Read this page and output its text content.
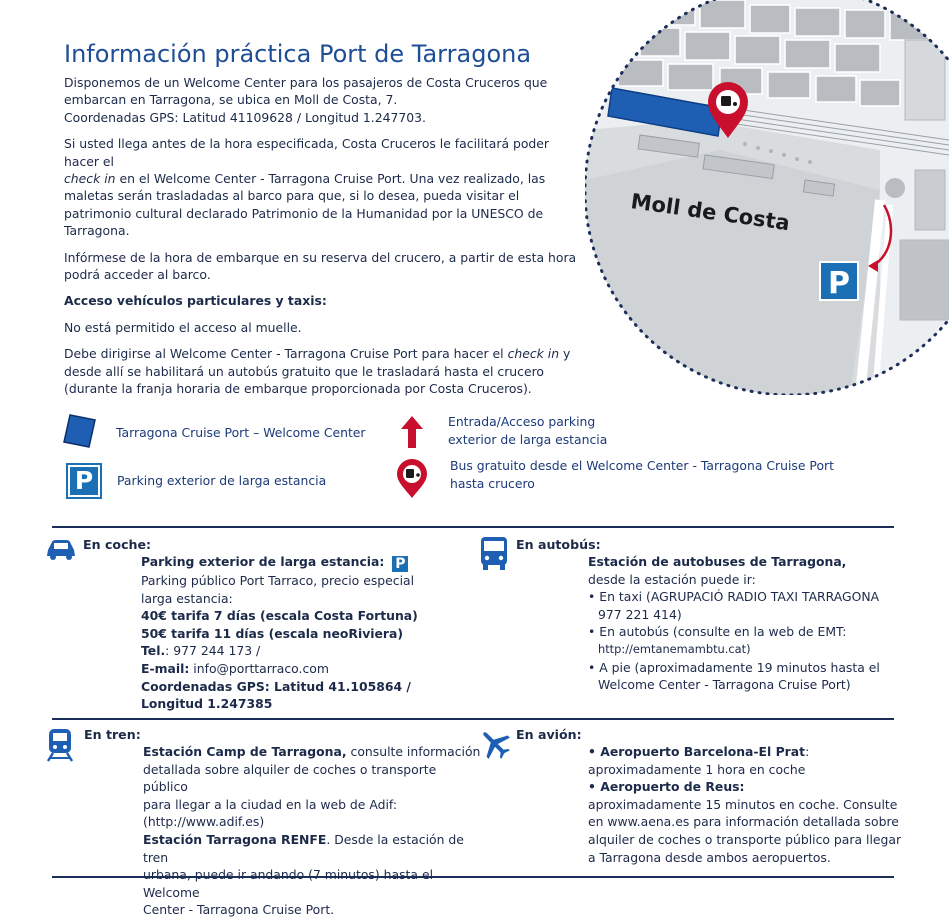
Información práctica Port de Tarragona

Disponemos de un Welcome Center para los pasajeros de Costa Cruceros que
embarcan en Tarragona, se ubica en Moll de Costa, 7.
Coordenadas GPS: Latitud 41109628 / Longitud 1.247703.

Si usted llega antes de la hora especificada, Costa Cruceros le facilitará poder hacer el
check in en el Welcome Center - Tarragona Cruise Port. Una vez realizado, las maletas serán trasladadas al barco para que, si lo desea, pueda visitar el patrimonio cultural declarado Patrimonio de la Humanidad por la UNESCO de Tarragona.

Infórmese de la hora de embarque en su reserva del crucero, a partir de esta hora podrá acceder al barco.

Acceso vehículos particulares y taxis:

No está permitido el acceso al muelle.

Debe dirigirse al Welcome Center - Tarragona Cruise Port para hacer el check in y desde allí se habilitará un autobús gratuito que le trasladará hasta el crucero (durante la franja horaria de embarque proporcionada por Costa Cruceros).

P
Moll de Costa
Tarragona Cruise Port – Welcome Center
Entrada/Acceso parking
exterior de larga estancia
P	Parking exterior de larga estancia
Bus gratuito desde el Welcome Center - Tarragona Cruise Port
hasta crucero
En coche:
Parking exterior de larga estancia: P
Parking público Port Tarraco, precio especial
larga estancia:
40€ tarifa 7 días (escala Costa Fortuna)
50€ tarifa 11 días (escala neoRiviera)
Tel.: 977 244 173 /
E-mail: info@porttarraco.com
Coordenadas GPS: Latitud 41.105864 /
Longitud 1.247385
En autobús:
Estación de autobuses de Tarragona,
desde la estación puede ir:
• En taxi (AGRUPACIÓ RADIO TAXI TARRAGONA

977 221 414)
• En autobús (consulte en la web de EMT:

http://emtanemambtu.cat)
• A pie (aproximadamente 19 minutos hasta el

Welcome Center - Tarragona Cruise Port)
En tren:
Estación Camp de Tarragona, consulte información
detallada sobre alquiler de coches o transporte público
para llegar a la ciudad en la web de Adif:
(http://www.adif.es)
Estación Tarragona RENFE. Desde la estación de tren
urbana, puede ir andando (7 minutos) hasta el Welcome
Center - Tarragona Cruise Port.
En avión:
• Aeropuerto Barcelona-El Prat:
aproximadamente 1 hora en coche
• Aeropuerto de Reus:
aproximadamente 15 minutos en coche. Consulte
en www.aena.es para información detallada sobre
alquiler de coches o transporte público para llegar
a Tarragona desde ambos aeropuertos.
